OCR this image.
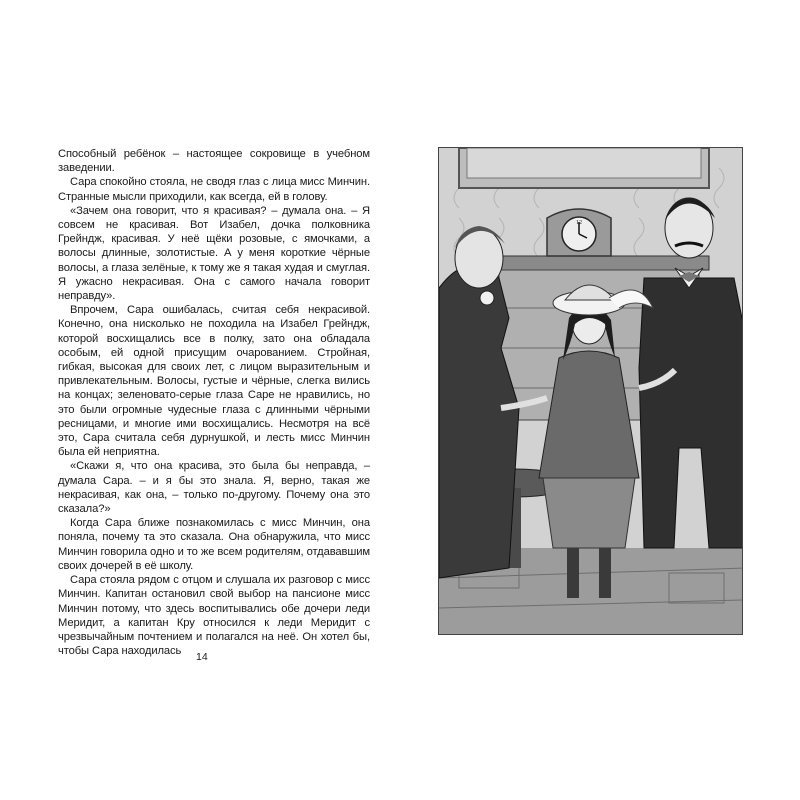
Способный ребёнок – настоящее сокровище в учебном заведении.

Сара спокойно стояла, не сводя глаз с лица мисс Минчин. Странные мысли приходили, как всегда, ей в голову.

«Зачем она говорит, что я красивая? – думала она. – Я совсем не красивая. Вот Изабел, дочка полковника Грейндж, красивая. У неё щёки розовые, с ямочками, а волосы длинные, золотистые. А у меня короткие чёрные волосы, а глаза зелёные, к тому же я такая худая и смуглая. Я ужасно некрасивая. Она с самого начала говорит неправду».

Впрочем, Сара ошибалась, считая себя некрасивой. Конечно, она нисколько не походила на Изабел Грейндж, которой восхищались все в полку, зато она обладала особым, ей одной присущим очарованием. Стройная, гибкая, высокая для своих лет, с лицом выразительным и привлекательным. Волосы, густые и чёрные, слегка вились на концах; зеленовато-серые глаза Саре не нравились, но это были огромные чудесные глаза с длинными чёрными ресницами, и многие ими восхищались. Несмотря на всё это, Сара считала себя дурнушкой, и лесть мисс Минчин была ей неприятна.

«Скажи я, что она красива, это была бы неправда, – думала Сара. – и я бы это знала. Я, верно, такая же некрасивая, как она, – только по-другому. Почему она это сказала?»

Когда Сара ближе познакомилась с мисс Минчин, она поняла, почему та это сказала. Она обнаружила, что мисс Минчин говорила одно и то же всем родителям, отдававшим своих дочерей в её школу.

Сара стояла рядом с отцом и слушала их разговор с мисс Минчин. Капитан остановил свой выбор на пансионе мисс Минчин потому, что здесь воспитывались обе дочери леди Меридит, а капитан Кру относился к леди Меридит с чрезвычайным почтением и полагался на неё. Он хотел бы, чтобы Сара находилась	14
12
